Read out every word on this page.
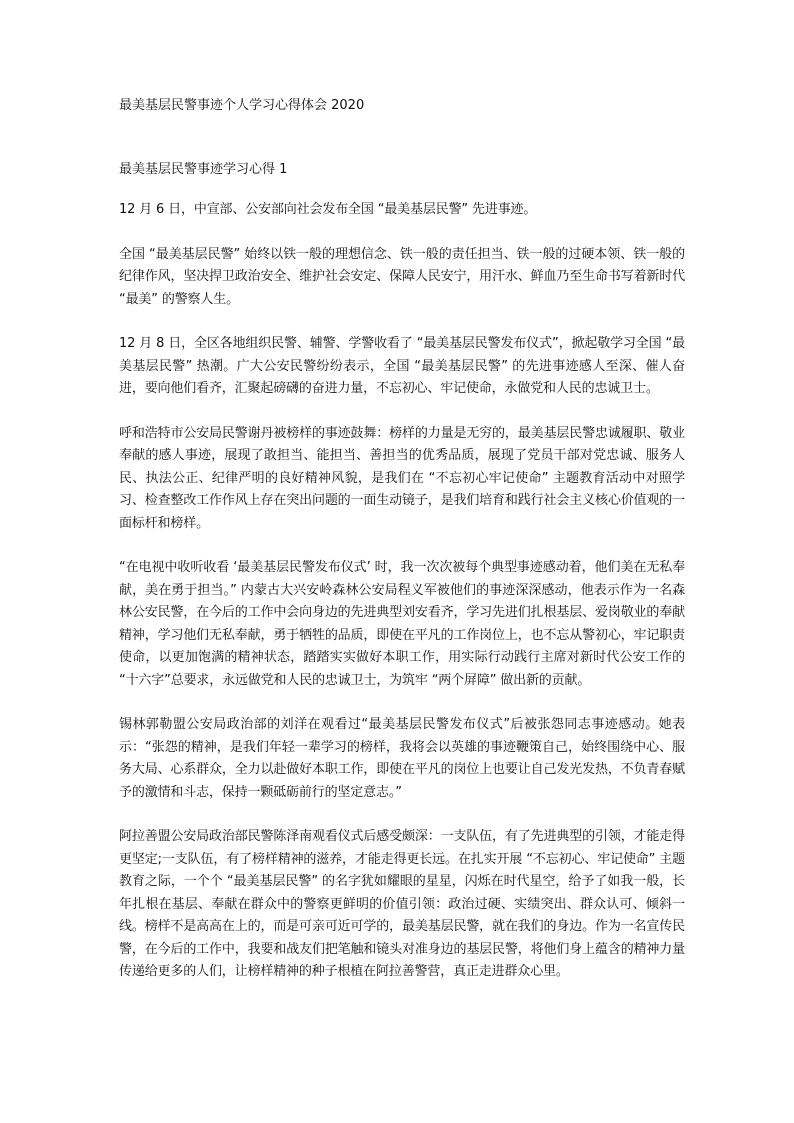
最美基层民警事迹个人学习心得体会 2020
最美基层民警事迹学习心得 1

12 月 6 日，中宣部、公安部向社会发布全国 “最美基层民警” 先进事迹。

全国 “最美基层民警” 始终以铁一般的理想信念、铁一般的责任担当、铁一般的过硬本领、铁一般的纪律作风，坚决捍卫政治安全、维护社会安定、保障人民安宁，用汗水、鲜血乃至生命书写着新时代 “最美” 的警察人生。

12 月 8 日，全区各地组织民警、辅警、学警收看了 “最美基层民警发布仪式”，掀起敬学习全国 “最美基层民警” 热潮。广大公安民警纷纷表示，全国 “最美基层民警” 的先进事迹感人至深、催人奋进，要向他们看齐，汇聚起磅礴的奋进力量，不忘初心、牢记使命，永做党和人民的忠诚卫士。

呼和浩特市公安局民警谢丹被榜样的事迹鼓舞：榜样的力量是无穷的，最美基层民警忠诚履职、敬业奉献的感人事迹，展现了敢担当、能担当、善担当的优秀品质，展现了党员干部对党忠诚、服务人民、执法公正、纪律严明的良好精神风貌，是我们在 “不忘初心牢记使命” 主题教育活动中对照学习、检查整改工作作风上存在突出问题的一面生动镜子，是我们培育和践行社会主义核心价值观的一面标杆和榜样。

“在电视中收听收看 ‘最美基层民警发布仪式’ 时，我一次次被每个典型事迹感动着，他们美在无私奉献，美在勇于担当。” 内蒙古大兴安岭森林公安局程义军被他们的事迹深深感动，他表示作为一名森林公安民警，在今后的工作中会向身边的先进典型刘安看齐，学习先进们扎根基层、爱岗敬业的奉献精神，学习他们无私奉献，勇于牺牲的品质，即使在平凡的工作岗位上，也不忘从警初心，牢记职责使命，以更加饱满的精神状态，踏踏实实做好本职工作，用实际行动践行主席对新时代公安工作的 “十六字”总要求，永远做党和人民的忠诚卫士，为筑牢 “两个屏障” 做出新的贡献。

锡林郭勒盟公安局政治部的刘洋在观看过“最美基层民警发布仪式”后被张怨同志事迹感动。她表示：“张怨的精神，是我们年轻一辈学习的榜样，我将会以英雄的事迹鞭策自己，始终围绕中心、服务大局、心系群众，全力以赴做好本职工作，即使在平凡的岗位上也要让自己发光发热，不负青春赋予的激情和斗志，保持一颗砥砺前行的坚定意志。”

阿拉善盟公安局政治部民警陈泽南观看仪式后感受颇深：一支队伍，有了先进典型的引领，才能走得更坚定;一支队伍，有了榜样精神的滋养，才能走得更长远。在扎实开展 “不忘初心、牢记使命” 主题教育之际，一个个 “最美基层民警” 的名字犹如耀眼的星星，闪烁在时代星空，给予了如我一般，长年扎根在基层、奉献在群众中的警察更鲜明的价值引领：政治过硬、实绩突出、群众认可、倾斜一线。榜样不是高高在上的，而是可亲可近可学的，最美基层民警，就在我们的身边。作为一名宣传民警，在今后的工作中，我要和战友们把笔触和镜头对准身边的基层民警，将他们身上蕴含的精神力量传递给更多的人们，让榜样精神的种子根植在阿拉善警营，真正走进群众心里。
